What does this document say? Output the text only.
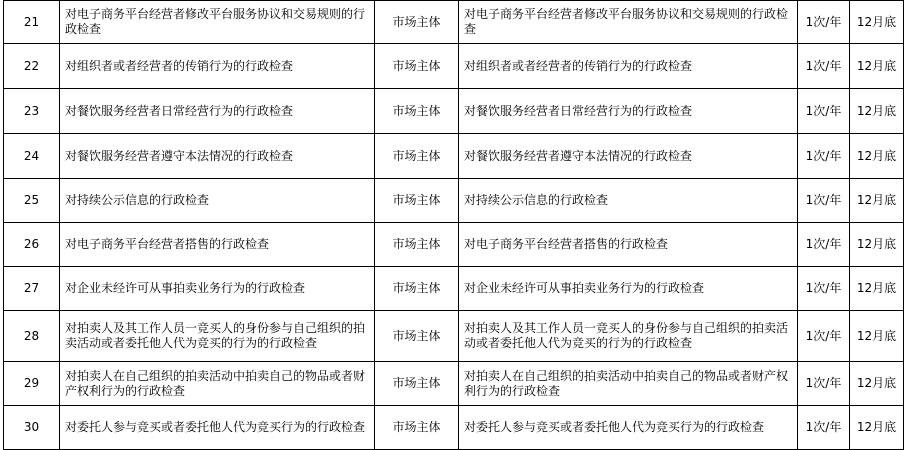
21	对电子商务平台经营者修改平台服务协议和交易规则的行政检查	市场主体	对电子商务平台经营者修改平台服务协议和交易规则的行政检查	1次/年	12月底
22	对组织者或者经营者的传销行为的行政检查	市场主体	对组织者或者经营者的传销行为的行政检查	1次/年	12月底
23	对餐饮服务经营者日常经营行为的行政检查	市场主体	对餐饮服务经营者日常经营行为的行政检查	1次/年	12月底
24	对餐饮服务经营者遵守本法情况的行政检查	市场主体	对餐饮服务经营者遵守本法情况的行政检查	1次/年	12月底
25	对持续公示信息的行政检查	市场主体	对持续公示信息的行政检查	1次/年	12月底
26	对电子商务平台经营者搭售的行政检查	市场主体	对电子商务平台经营者搭售的行政检查	1次/年	12月底
27	对企业未经许可从事拍卖业务行为的行政检查	市场主体	对企业未经许可从事拍卖业务行为的行政检查	1次/年	12月底
28	对拍卖人及其工作人员一竞买人的身份参与自己组织的拍卖活动或者委托他人代为竞买的行为的行政检查	市场主体	对拍卖人及其工作人员一竞买人的身份参与自己组织的拍卖活动或者委托他人代为竞买的行为的行政检查	1次/年	12月底
29	对拍卖人在自己组织的拍卖活动中拍卖自己的物品或者财产权利行为的行政检查	市场主体	对拍卖人在自己组织的拍卖活动中拍卖自己的物品或者财产权利行为的行政检查	1次/年	12月底
30	对委托人参与竞买或者委托他人代为竞买行为的行政检查	市场主体	对委托人参与竞买或者委托他人代为竞买行为的行政检查	1次/年	12月底
